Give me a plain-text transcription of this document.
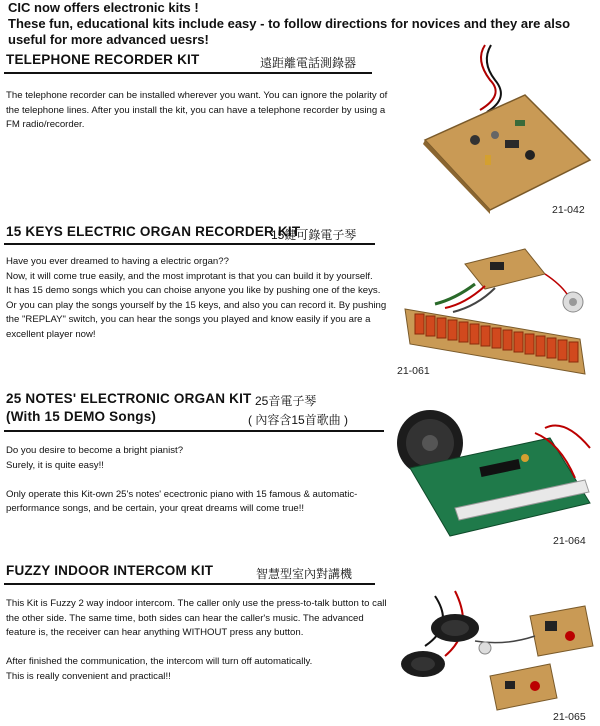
CIC now offers electronic kits !
These fun, educational kits include easy - to follow directions for novices and they are also useful for more advanced uesrs!
TELEPHONE RECORDER KIT	遠距離電話測錄器

The telephone recorder can be installed wherever you want. You can ignore the polarity of the telephone lines. After you install the kit, you can have a telephone recorder by using a FM radio/recorder.

21-042
15 KEYS ELECTRIC ORGAN RECORDER KIT
15鍵可錄電子琴

Have you ever dreamed to having a electric organ??

Now, it will come true easily, and the most improtant is that you can build it by yourself.

It has 15 demo songs which you can choise anyone you like by pushing one of the keys.

Or you can play the songs yourself by the 15 keys, and also you can record it. By pushing the "REPLAY" switch, you can hear the songs you played and know easily if you are a excellent player now!

21-061
25 NOTES' ELECTRONIC ORGAN KIT
(With 15 DEMO Songs)
25音電子琴
( 內容含15首歌曲 )

Do you desire to become a bright pianist?

Surely, it is quite easy!!

Only operate this Kit-own 25's notes' ecectronic piano with 15 famous & automatic-performance songs, and be certain, your qreat dreams will come true!!

21-064
FUZZY INDOOR INTERCOM KIT	智慧型室內對講機

This Kit is Fuzzy 2 way indoor intercom. The caller only use the press-to-talk button to call the other side. The same time, both sides can hear the caller's music. The advanced feature is, the receiver can hear anything WITHOUT press any button.

After finished the communication, the intercom will turn off automatically.

This is really convenient and practical!!

21-065
